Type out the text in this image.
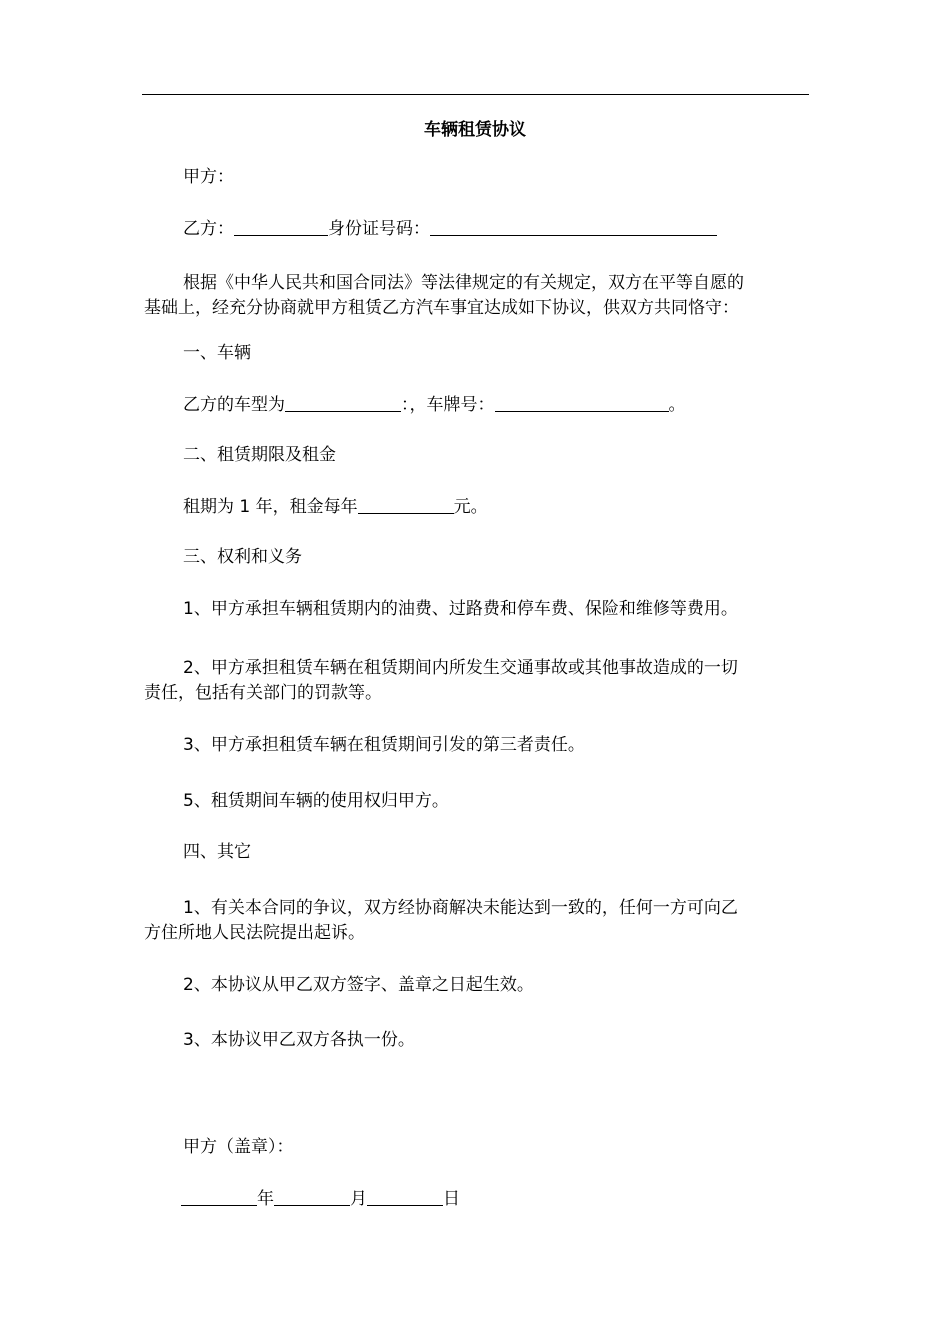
车辆租赁协议
甲方：
乙方：	身份证号码：
根据《中华人民共和国合同法》等法律规定的有关规定，双方在平等自愿的
基础上，经充分协商就甲方租赁乙方汽车事宜达成如下协议，供双方共同恪守：
一、车辆
乙方的车型为	：，车牌号：	。
二、租赁期限及租金
租期为 1 年，租金每年	元。
三、权利和义务
1、甲方承担车辆租赁期内的油费、过路费和停车费、保险和维修等费用。
2、甲方承担租赁车辆在租赁期间内所发生交通事故或其他事故造成的一切
责任，包括有关部门的罚款等。
3、甲方承担租赁车辆在租赁期间引发的第三者责任。
5、租赁期间车辆的使用权归甲方。
四、其它
1、有关本合同的争议，双方经协商解决未能达到一致的，任何一方可向乙
方住所地人民法院提出起诉。
2、本协议从甲乙双方签字、盖章之日起生效。
3、本协议甲乙双方各执一份。
甲方（盖章）：
年	月	日
